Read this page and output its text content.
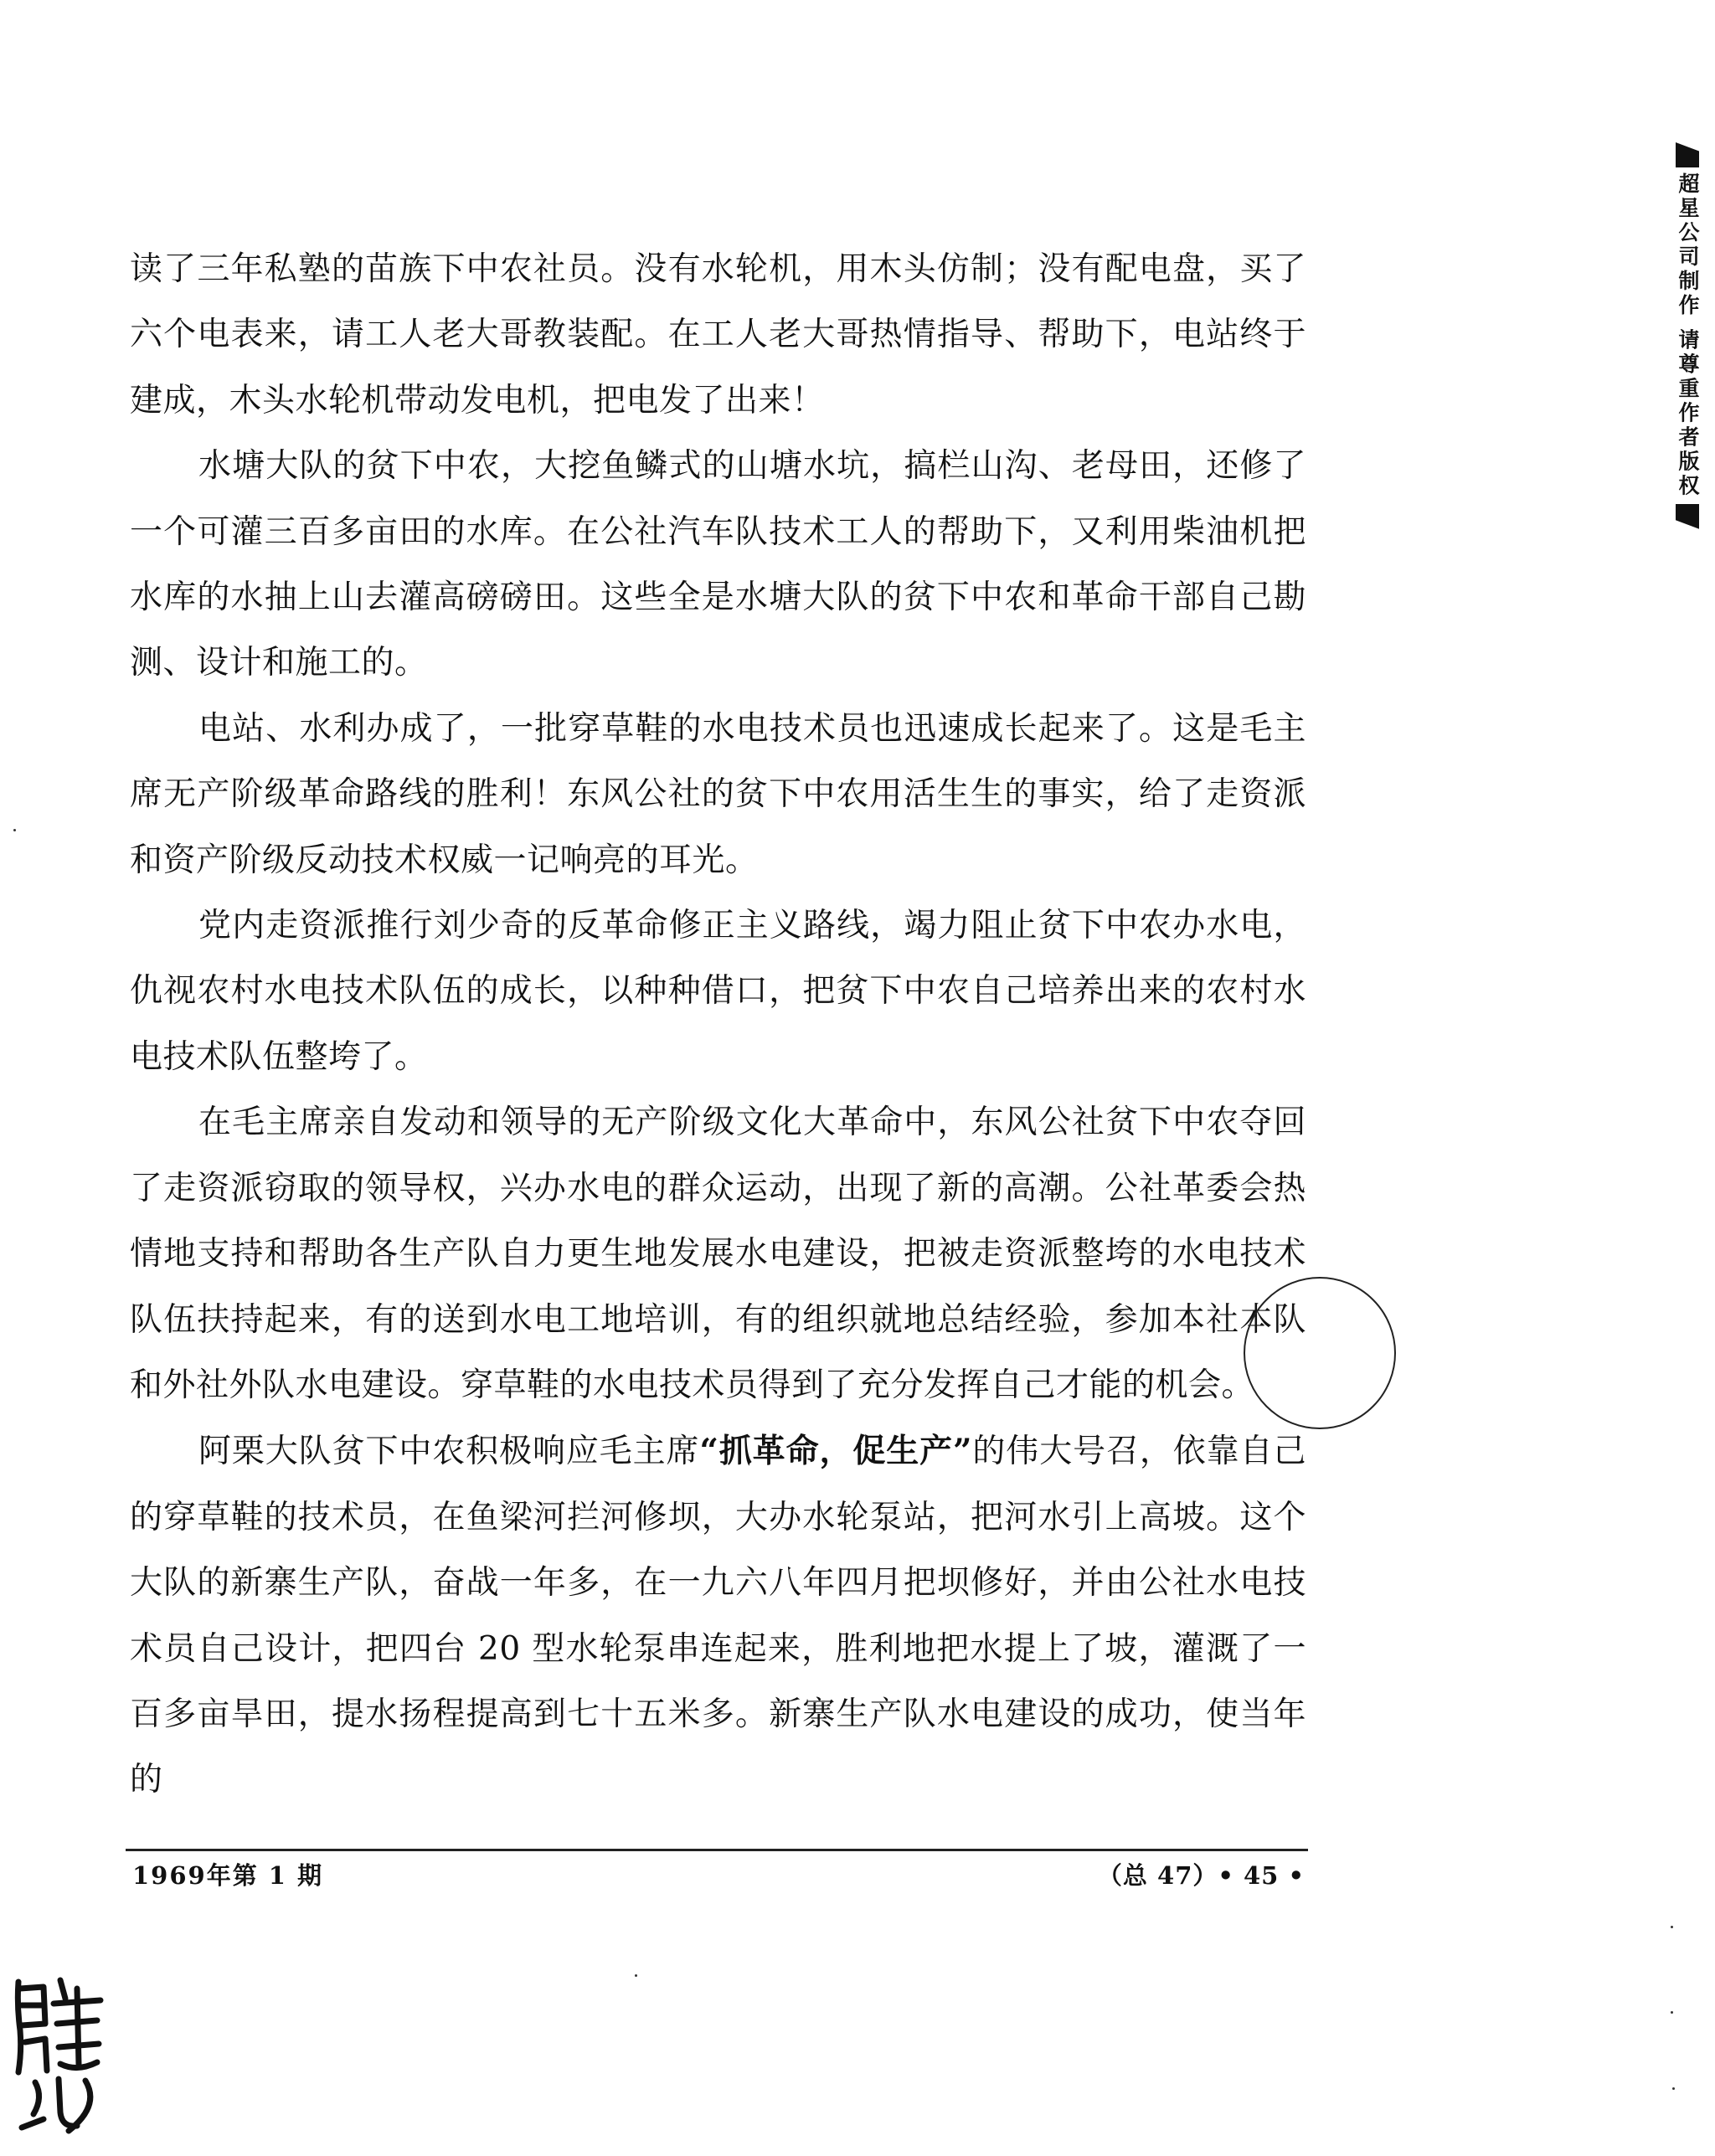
读了三年私塾的苗族下中农社员。没有水轮机，用木头仿制；没有配电盘，买了六个电表来，请工人老大哥教装配。在工人老大哥热情指导、帮助下，电站终于建成，木头水轮机带动发电机，把电发了出来！

水塘大队的贫下中农，大挖鱼鳞式的山塘水坑，搞栏山沟、老母田，还修了一个可灌三百多亩田的水库。在公社汽车队技术工人的帮助下，又利用柴油机把水库的水抽上山去灌高磅磅田。这些全是水塘大队的贫下中农和革命干部自己勘测、设计和施工的。

电站、水利办成了，一批穿草鞋的水电技术员也迅速成长起来了。这是毛主席无产阶级革命路线的胜利！东风公社的贫下中农用活生生的事实，给了走资派和资产阶级反动技术权威一记响亮的耳光。

党内走资派推行刘少奇的反革命修正主义路线，竭力阻止贫下中农办水电，仇视农村水电技术队伍的成长，以种种借口，把贫下中农自己培养出来的农村水电技术队伍整垮了。

在毛主席亲自发动和领导的无产阶级文化大革命中，东风公社贫下中农夺回了走资派窃取的领导权，兴办水电的群众运动，出现了新的高潮。公社革委会热情地支持和帮助各生产队自力更生地发展水电建设，把被走资派整垮的水电技术队伍扶持起来，有的送到水电工地培训，有的组织就地总结经验，参加本社本队和外社外队水电建设。穿草鞋的水电技术员得到了充分发挥自己才能的机会。

阿栗大队贫下中农积极响应毛主席“抓革命，促生产”的伟大号召，依靠自己的穿草鞋的技术员，在鱼梁河拦河修坝，大办水轮泵站，把河水引上高坡。这个大队的新寨生产队，奋战一年多，在一九六八年四月把坝修好，并由公社水电技术员自己设计，把四台 20 型水轮泵串连起来，胜利地把水提上了坡，灌溉了一百多亩旱田，提水扬程提高到七十五米多。新寨生产队水电建设的成功，使当年的

1969年第 1 期	（总 47）• 45 •
超星公司制作 请尊重作者版权
